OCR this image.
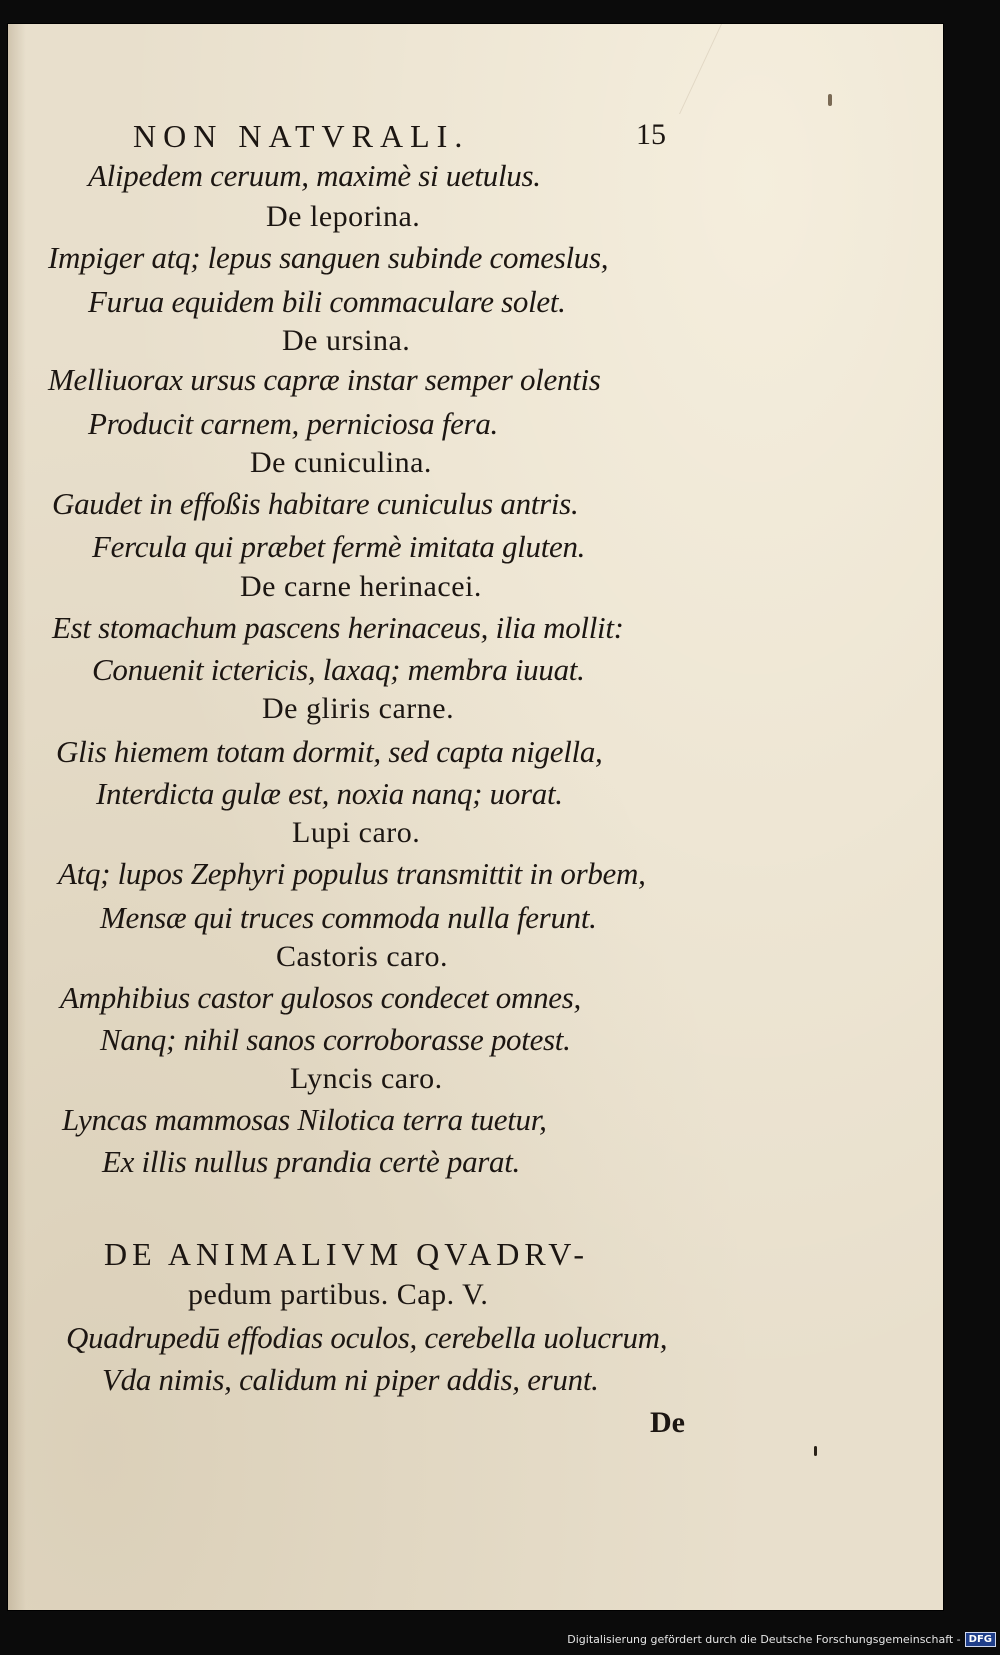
NON NATVRALI.	15
Alipedem ceruum, maximè si uetulus.
De leporina.
Impiger atq; lepus sanguen subinde comeslus,
Furua equidem bili commaculare solet.
De ursina.
Melliuorax ursus capræ instar semper olentis
Producit carnem, perniciosa fera.
De cuniculina.
Gaudet in effoßis habitare cuniculus antris.
Fercula qui præbet fermè imitata gluten.
De carne herinacei.
Est stomachum pascens herinaceus, ilia mollit:
Conuenit ictericis, laxaq; membra iuuat.
De gliris carne.
Glis hiemem totam dormit, sed capta nigella,
Interdicta gulæ est, noxia nanq; uorat.
Lupi caro.
Atq; lupos Zephyri populus transmittit in orbem,
Mensæ qui truces commoda nulla ferunt.
Castoris caro.
Amphibius castor gulosos condecet omnes,
Nanq; nihil sanos corroborasse potest.
Lyncis caro.
Lyncas mammosas Nilotica terra tuetur,
Ex illis nullus prandia certè parat.
DE ANIMALIVM QVADRV-
pedum partibus. Cap. V.
Quadrupedū effodias oculos, cerebella uolucrum,
Vda nimis, calidum ni piper addis, erunt.
De
Digitalisierung gefördert durch die Deutsche Forschungsgemeinschaft - DFG
